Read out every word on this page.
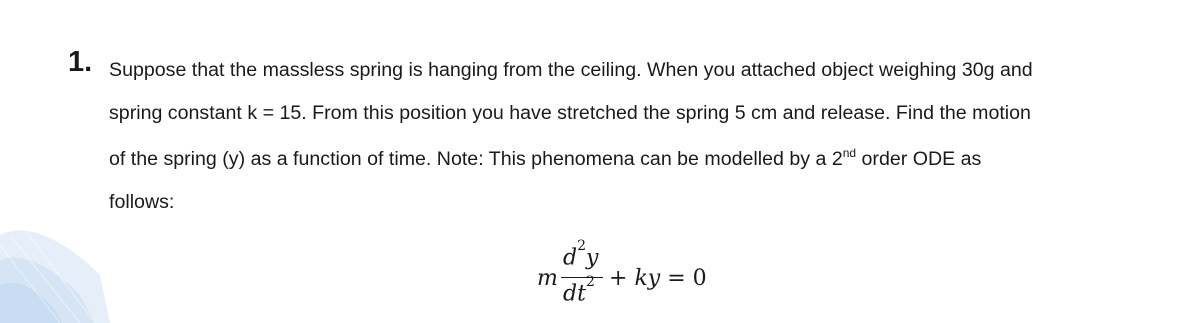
1. Suppose that the massless spring is hanging from the ceiling. When you attached object weighing 30g and
spring constant k = 15. From this position you have stretched the spring 5 cm and release. Find the motion
of the spring (y) as a function of time. Note: This phenomena can be modelled by a 2nd order ODE as
follows:
m
$d^2y$
$dt^2$ + ky = 0
